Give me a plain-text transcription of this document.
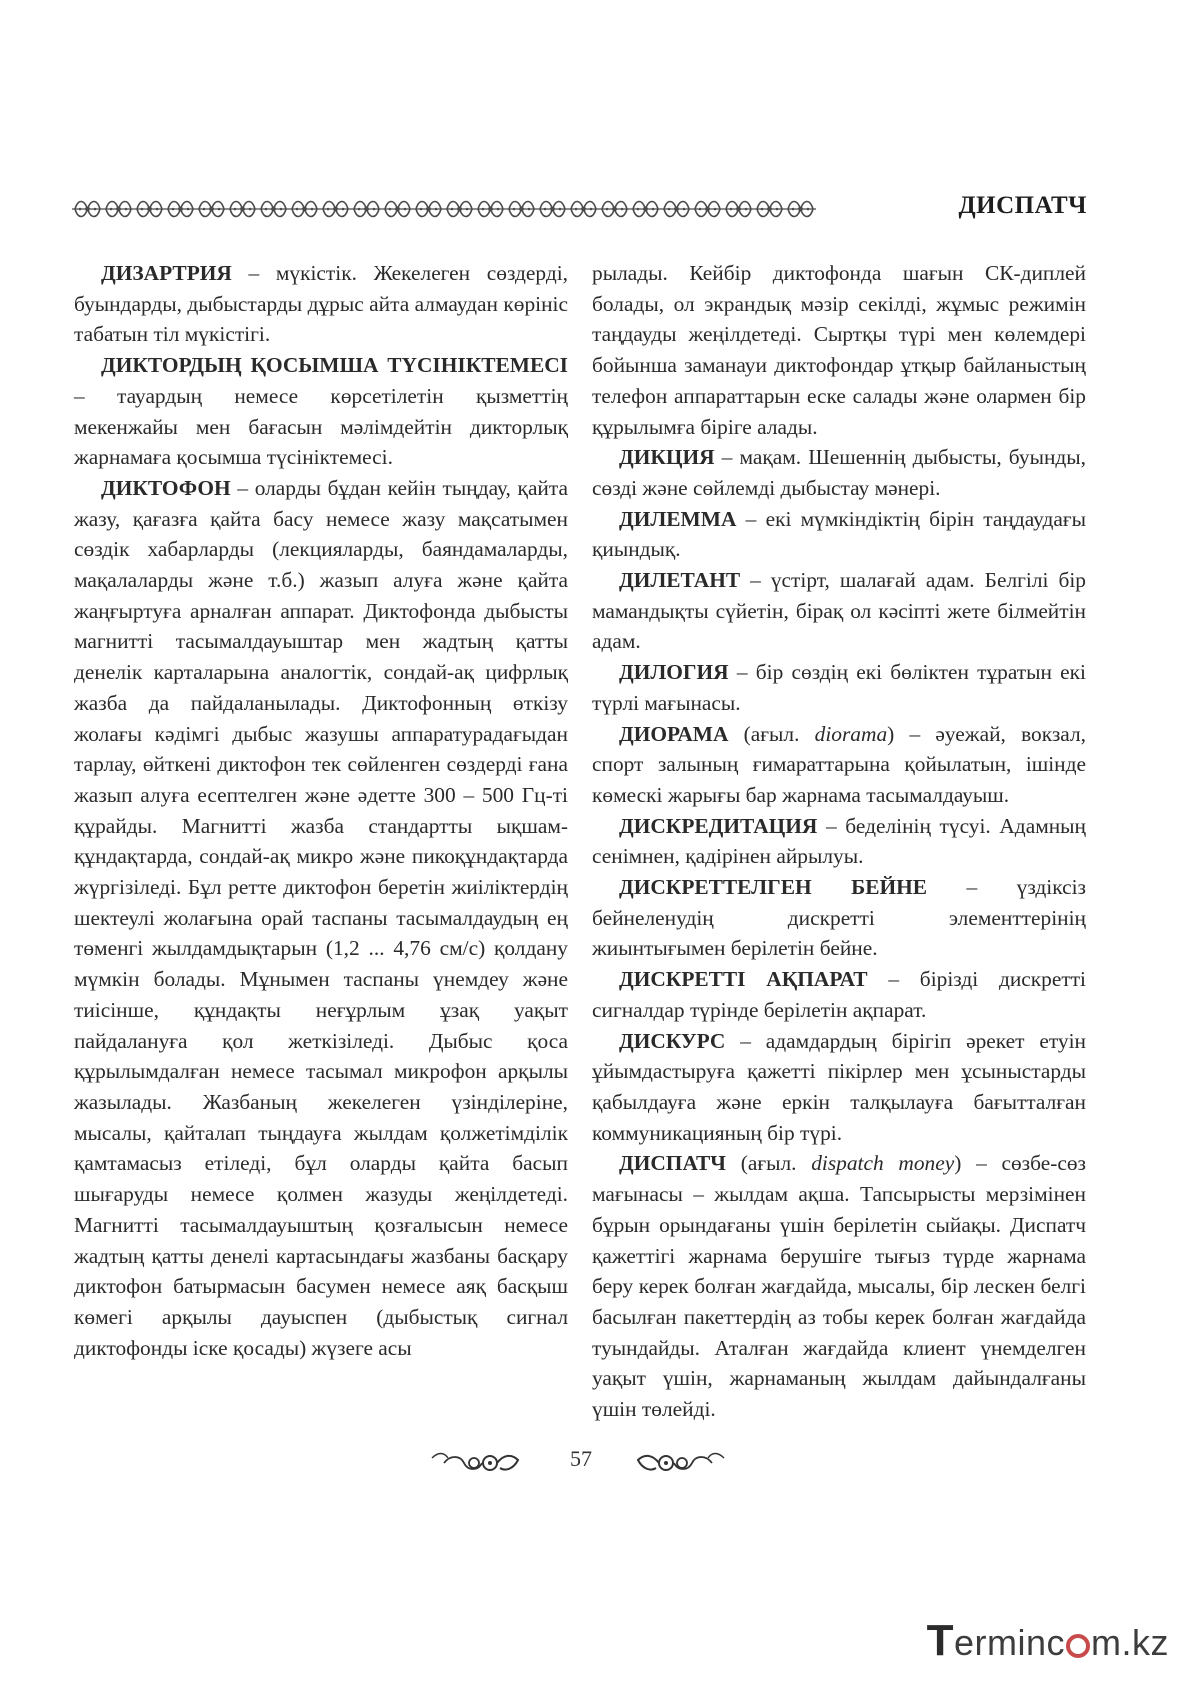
ДИСПАТЧ

ДИЗАРТРИЯ – мүкістік. Жекелеген сөздерді, буындарды, дыбыстарды дұрыс айта алмаудан көрініс табатын тіл мүкістігі.

ДИКТОРДЫҢ ҚОСЫМША ТҮСІНІКТЕМЕСІ – тауардың немесе көрсетілетін қызметтің мекенжайы мен бағасын мәлімдейтін дикторлық жарнамаға қосымша түсініктемесі.

ДИКТОФОН – оларды бұдан кейін тыңдау, қайта жазу, қағазға қайта басу немесе жазу мақсатымен сөздік хабарларды (лекцияларды, баяндамаларды, мақалаларды және т.б.) жазып алуға және қайта жаңғыртуға арналған аппарат. Диктофонда дыбысты магнитті тасымалдауыштар мен жадтың қатты денелік карталарына аналогтік, сондай-ақ цифрлық жазба да пайдаланылады. Диктофонның өткізу жолағы кәдімгі дыбыс жазушы аппаратурадағыдан тарлау, өйткені диктофон тек сөйленген сөздерді ғана жазып алуға есептелген және әдетте 300 – 500 Гц-ті құрайды. Магнитті жазба стандартты ықшам-құндақтарда, сондай-ақ микро және пикоқұндақтарда жүргізіледі. Бұл ретте диктофон беретін жиіліктердің шектеулі жолағына орай таспаны тасымалдаудың ең төменгі жылдамдықтарын (1,2 ... 4,76 см/с) қолдану мүмкін болады. Мұнымен таспаны үнемдеу және тиісінше, құндақты неғұрлым ұзақ уақыт пайдалануға қол жеткізіледі. Дыбыс қоса құрылымдалған немесе тасымал микрофон арқылы жазылады. Жазбаның жекелеген үзінділеріне, мысалы, қайталап тыңдауға жылдам қолжетімділік қамтамасыз етіледі, бұл оларды қайта басып шығаруды немесе қолмен жазуды жеңілдетеді. Магнитті тасымалдауыштың қозғалысын немесе жадтың қатты денелі картасындағы жазбаны басқару диктофон батырмасын басумен немесе аяқ басқыш көмегі арқылы дауыспен (дыбыстық сигнал диктофонды іске қосады) жүзеге асы

рылады. Кейбір диктофонда шағын СК-диплей болады, ол экрандық мәзір секілді, жұмыс режимін таңдауды жеңілдетеді. Сыртқы түрі мен көлемдері бойынша заманауи диктофондар ұтқыр байланыстың телефон аппараттарын еске салады және олармен бір құрылымға біріге алады.

ДИКЦИЯ – мақам. Шешеннің дыбысты, буынды, сөзді және сөйлемді дыбыстау мәнері.

ДИЛЕММА – екі мүмкіндіктің бірін таңдаудағы қиындық.

ДИЛЕТАНТ – үстірт, шалағай адам. Белгілі бір мамандықты сүйетін, бірақ ол кәсіпті жете білмейтін адам.

ДИЛОГИЯ – бір сөздің екі бөліктен тұратын екі түрлі мағынасы.

ДИОРАМА (ағыл. diorama) – әуежай, вокзал, спорт залының ғимараттарына қойылатын, ішінде көмескі жарығы бар жарнама тасымалдауыш.

ДИСКРЕДИТАЦИЯ – беделінің түсуі. Адамның сенімнен, қадірінен айрылуы.

ДИСКРЕТТЕЛГЕН БЕЙНЕ – үздіксіз бейнеленудің дискретті элементтерінің жиынтығымен берілетін бейне.

ДИСКРЕТТІ АҚПАРАТ – бірізді дискретті сигналдар түрінде берілетін ақпарат.

ДИСКУРС – адамдардың бірігіп әрекет етуін ұйымдастыруға қажетті пікірлер мен ұсыныстарды қабылдауға және еркін талқылауға бағытталған коммуникацияның бір түрі.

ДИСПАТЧ (ағыл. dispatch money) – сөзбе-сөз мағынасы – жылдам ақша. Тапсырысты мерзімінен бұрын орындағаны үшін берілетін сыйақы. Диспатч қажеттігі жарнама берушіге тығыз түрде жарнама беру керек болған жағдайда, мысалы, бір лескен белгі басылған пакеттердің аз тобы керек болған жағдайда туындайды. Аталған жағдайда клиент үнемделген уақыт үшін, жарнаманың жылдам дайындалғаны үшін төлейді.

57
Terminc m.kz
